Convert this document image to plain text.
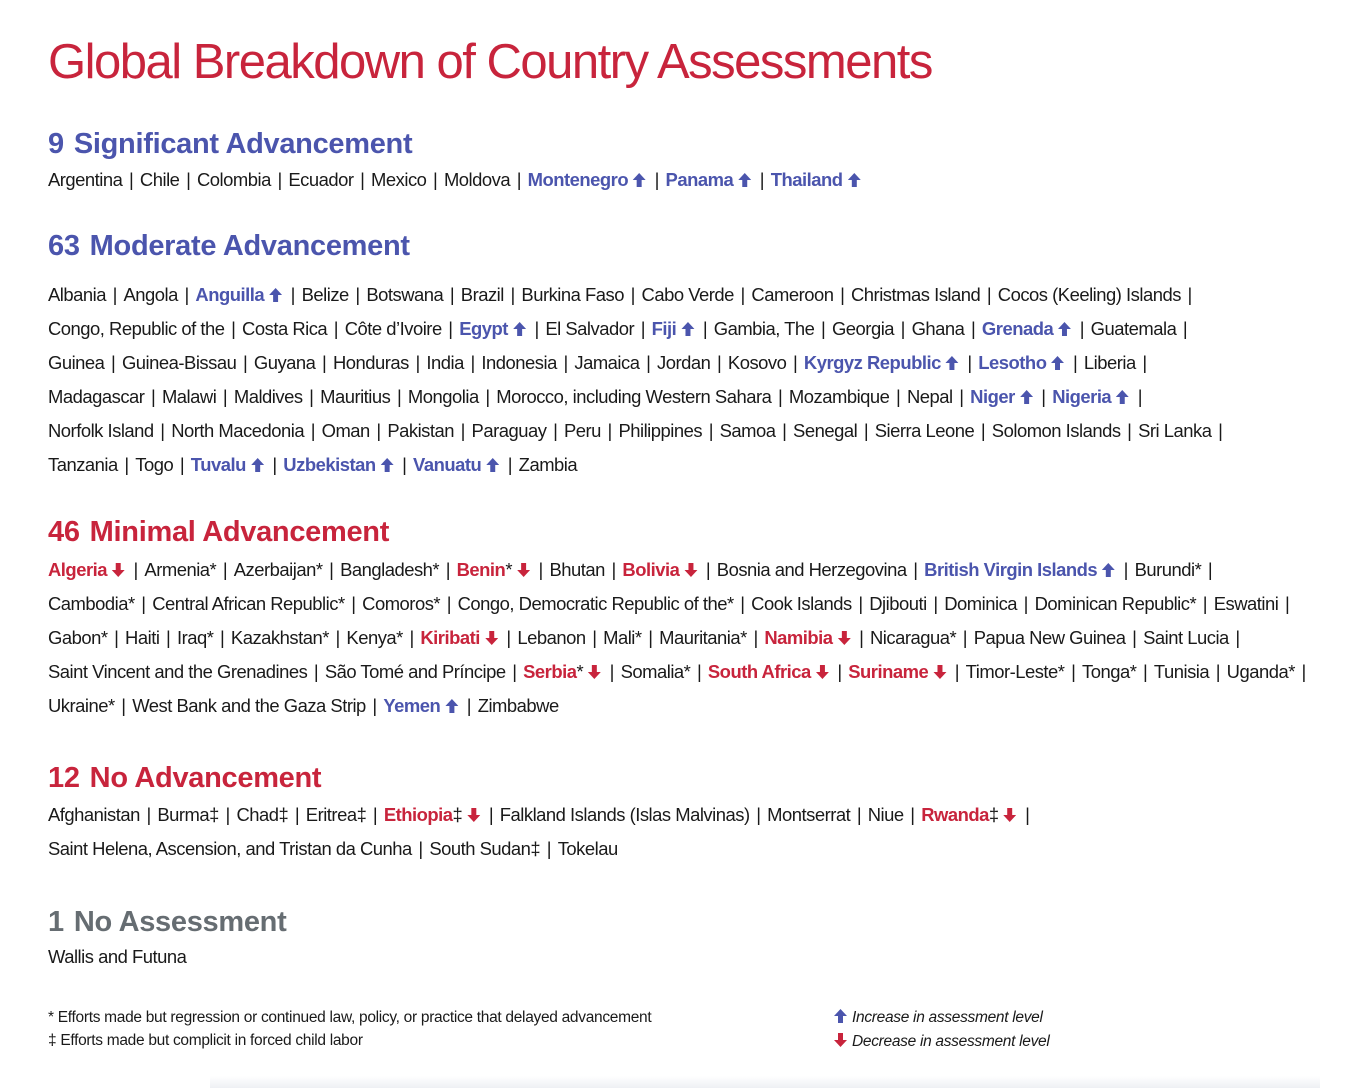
Global Breakdown of Country Assessments
9 Significant Advancement
Argentina | Chile | Colombia | Ecuador | Mexico | Moldova | Montenegro | Panama | Thailand
63 Moderate Advancement
Albania | Angola | Anguilla | Belize | Botswana | Brazil | Burkina Faso | Cabo Verde | Cameroon | Christmas Island | Cocos (Keeling) Islands |
Congo, Republic of the | Costa Rica | Côte d’Ivoire | Egypt | El Salvador | Fiji | Gambia, The | Georgia | Ghana | Grenada | Guatemala |
Guinea | Guinea-Bissau | Guyana | Honduras | India | Indonesia | Jamaica | Jordan | Kosovo | Kyrgyz Republic | Lesotho | Liberia |
Madagascar | Malawi | Maldives | Mauritius | Mongolia | Morocco, including Western Sahara | Mozambique | Nepal | Niger | Nigeria |
Norfolk Island | North Macedonia | Oman | Pakistan | Paraguay | Peru | Philippines | Samoa | Senegal | Sierra Leone | Solomon Islands | Sri Lanka |
Tanzania | Togo | Tuvalu | Uzbekistan | Vanuatu | Zambia
46 Minimal Advancement
Algeria | Armenia* | Azerbaijan* | Bangladesh* | Benin* | Bhutan | Bolivia | Bosnia and Herzegovina | British Virgin Islands | Burundi* |
Cambodia* | Central African Republic* | Comoros* | Congo, Democratic Republic of the* | Cook Islands | Djibouti | Dominica | Dominican Republic* | Eswatini |
Gabon* | Haiti | Iraq* | Kazakhstan* | Kenya* | Kiribati | Lebanon | Mali* | Mauritania* | Namibia | Nicaragua* | Papua New Guinea | Saint Lucia |
Saint Vincent and the Grenadines | São Tomé and Príncipe | Serbia* | Somalia* | South Africa | Suriname | Timor-Leste* | Tonga* | Tunisia | Uganda* |
Ukraine* | West Bank and the Gaza Strip | Yemen | Zimbabwe
12 No Advancement
Afghanistan | Burma‡ | Chad‡ | Eritrea‡ | Ethiopia‡ | Falkland Islands (Islas Malvinas) | Montserrat | Niue | Rwanda‡ |
Saint Helena, Ascension, and Tristan da Cunha | South Sudan‡ | Tokelau
1 No Assessment
Wallis and Futuna
* Efforts made but regression or continued law, policy, or practice that delayed advancement
‡ Efforts made but complicit in forced child labor
Increase in assessment level
Decrease in assessment level
